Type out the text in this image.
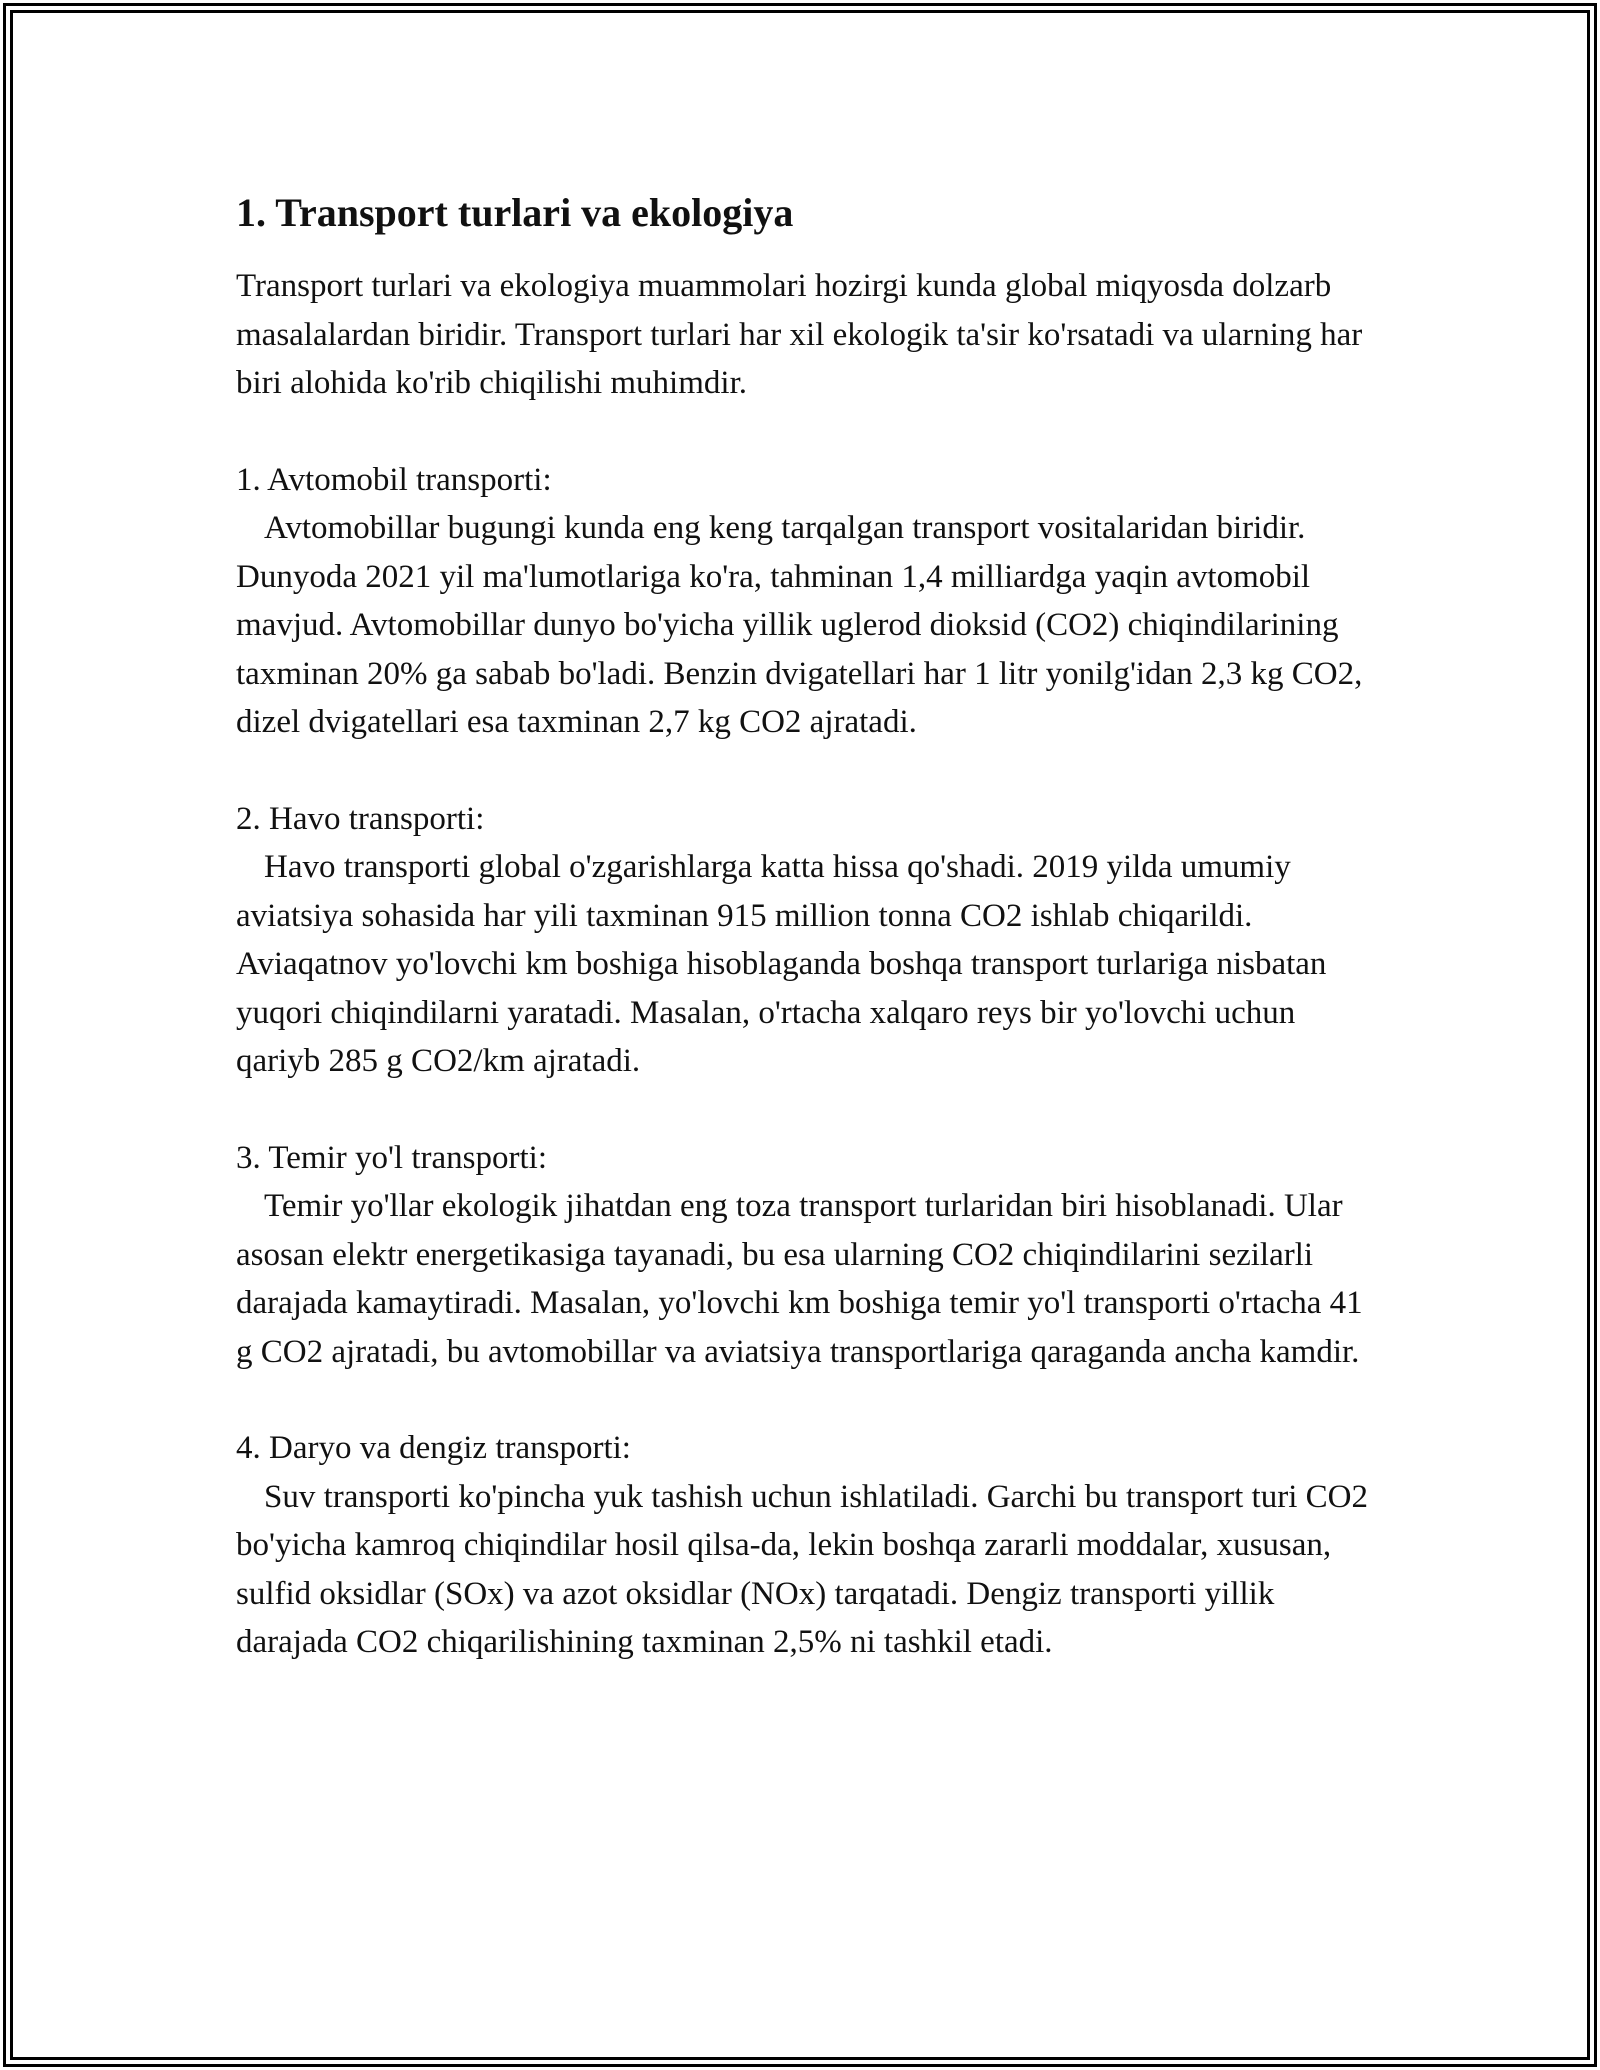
1. Transport turlari va ekologiya

Transport turlari va ekologiya muammolari hozirgi kunda global miqyosda dolzarb masalalardan biridir. Transport turlari har xil ekologik ta'sir ko'rsatadi va ularning har biri alohida ko'rib chiqilishi muhimdir.

1. Avtomobil transporti:

Avtomobillar bugungi kunda eng keng tarqalgan transport vositalaridan biridir. Dunyoda 2021 yil ma'lumotlariga ko'ra, tahminan 1,4 milliardga yaqin avtomobil mavjud. Avtomobillar dunyo bo'yicha yillik uglerod dioksid (CO2) chiqindilarining taxminan 20% ga sabab bo'ladi. Benzin dvigatellari har 1 litr yonilg'idan 2,3 kg CO2, dizel dvigatellari esa taxminan 2,7 kg CO2 ajratadi.

2. Havo transporti:

Havo transporti global o'zgarishlarga katta hissa qo'shadi. 2019 yilda umumiy aviatsiya sohasida har yili taxminan 915 million tonna CO2 ishlab chiqarildi. Aviaqatnov yo'lovchi km boshiga hisoblaganda boshqa transport turlariga nisbatan yuqori chiqindilarni yaratadi. Masalan, o'rtacha xalqaro reys bir yo'lovchi uchun qariyb 285 g CO2/km ajratadi.

3. Temir yo'l transporti:

Temir yo'llar ekologik jihatdan eng toza transport turlaridan biri hisoblanadi. Ular asosan elektr energetikasiga tayanadi, bu esa ularning CO2 chiqindilarini sezilarli darajada kamaytiradi. Masalan, yo'lovchi km boshiga temir yo'l transporti o'rtacha 41 g CO2 ajratadi, bu avtomobillar va aviatsiya transportlariga qaraganda ancha kamdir.

4. Daryo va dengiz transporti:

Suv transporti ko'pincha yuk tashish uchun ishlatiladi. Garchi bu transport turi CO2 bo'yicha kamroq chiqindilar hosil qilsa-da, lekin boshqa zararli moddalar, xususan, sulfid oksidlar (SOx) va azot oksidlar (NOx) tarqatadi. Dengiz transporti yillik darajada CO2 chiqarilishining taxminan 2,5% ni tashkil etadi.
